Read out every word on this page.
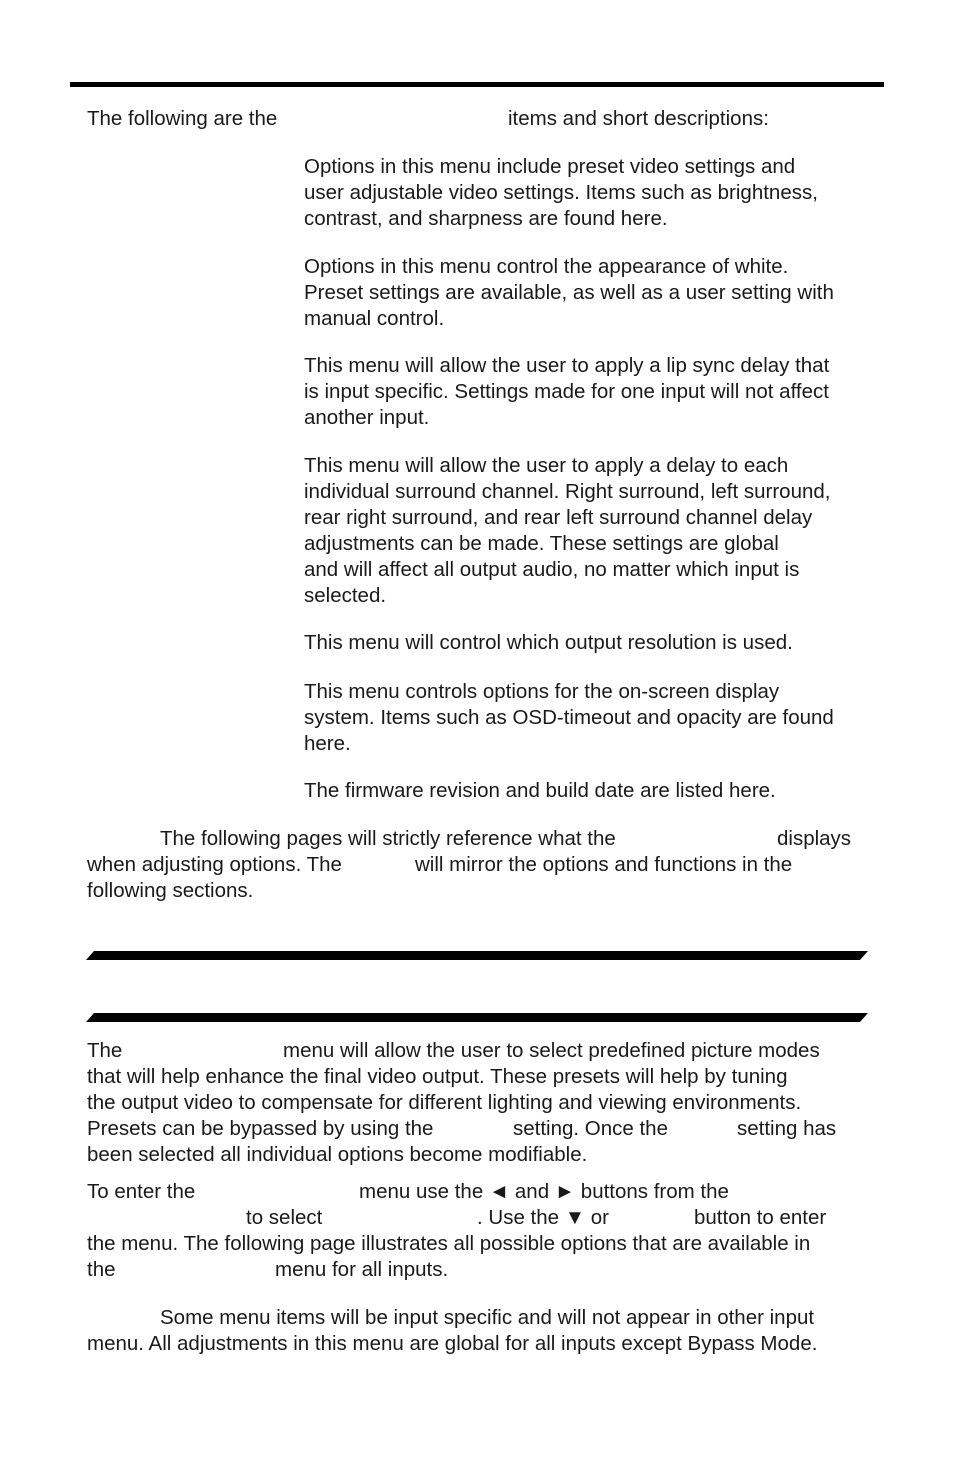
The following are the	items and short descriptions:
Options in this menu include preset video settings and
user adjustable video settings. Items such as brightness,
contrast, and sharpness are found here.
Options in this menu control the appearance of white.
Preset settings are available, as well as a user setting with
manual control.
This menu will allow the user to apply a lip sync delay that
is input specific. Settings made for one input will not affect
another input.
This menu will allow the user to apply a delay to each
individual surround channel. Right surround, left surround,
rear right surround, and rear left surround channel delay
adjustments can be made. These settings are global
and will affect all output audio, no matter which input is
selected.
This menu will control which output resolution is used.
This menu controls options for the on-screen display
system. Items such as OSD-timeout and opacity are found
here.
The firmware revision and build date are listed here.
The following pages will strictly reference what the	displays
when adjusting options. The	will mirror the options and functions in the
following sections.
The	menu will allow the user to select predefined picture modes
that will help enhance the final video output. These presets will help by tuning
the output video to compensate for different lighting and viewing environments.
Presets can be bypassed by using the	setting. Once the	setting has
been selected all individual options become modifiable.
To enter the	menu use the ◄ and ► buttons from the
to select	. Use the ▼ or	button to enter
the menu. The following page illustrates all possible options that are available in
the	menu for all inputs.
Some menu items will be input specific and will not appear in other input
menu. All adjustments in this menu are global for all inputs except Bypass Mode.
